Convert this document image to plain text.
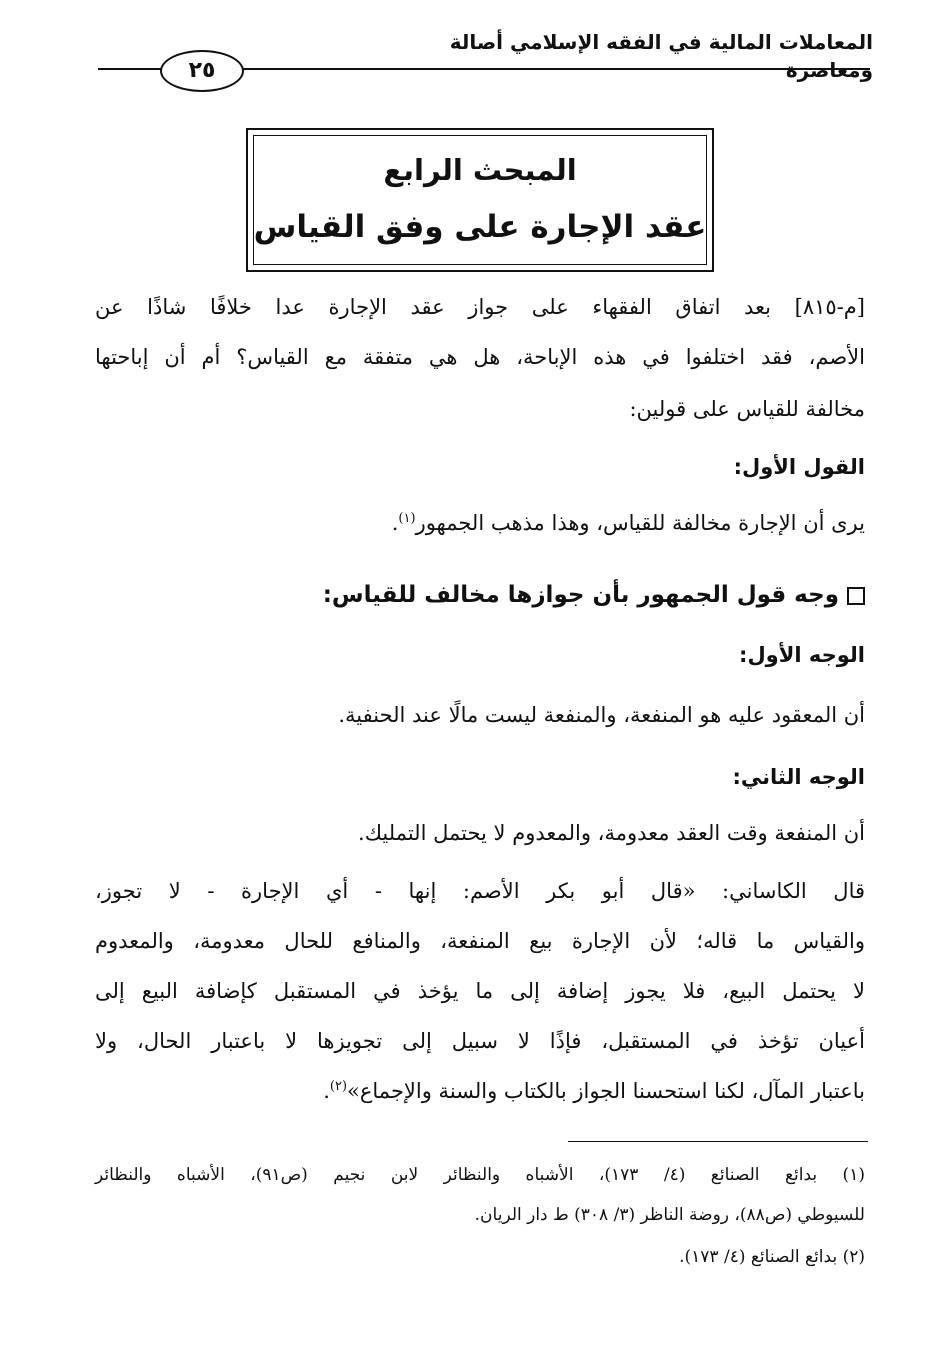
المعاملات المالية في الفقه الإسلامي أصالة ومعاصرة
٢٥
المبحث الرابع
عقد الإجارة على وفق القياس
[م-٨١٥] بعد اتفاق الفقهاء على جواز عقد الإجارة عدا خلافًا شاذًا عن
الأصم، فقد اختلفوا في هذه الإباحة، هل هي متفقة مع القياس؟ أم أن إباحتها
مخالفة للقياس على قولين:
القول الأول:
يرى أن الإجارة مخالفة للقياس، وهذا مذهب الجمهور$^{(١)}$.
وجه قول الجمهور بأن جوازها مخالف للقياس:
الوجه الأول:
أن المعقود عليه هو المنفعة، والمنفعة ليست مالًا عند الحنفية.
الوجه الثاني:
أن المنفعة وقت العقد معدومة، والمعدوم لا يحتمل التمليك.
قال الكاساني: «قال أبو بكر الأصم: إنها - أي الإجارة - لا تجوز،
والقياس ما قاله؛ لأن الإجارة بيع المنفعة، والمنافع للحال معدومة، والمعدوم
لا يحتمل البيع، فلا يجوز إضافة إلى ما يؤخذ في المستقبل كإضافة البيع إلى
أعيان تؤخذ في المستقبل، فإذًا لا سبيل إلى تجويزها لا باعتبار الحال، ولا
باعتبار المآل، لكنا استحسنا الجواز بالكتاب والسنة والإجماع»$^{(٢)}$.
(١) بدائع الصنائع (٤/ ١٧٣)، الأشباه والنظائر لابن نجيم (ص٩١)، الأشباه والنظائر
للسيوطي (ص٨٨)، روضة الناظر (٣/ ٣٠٨) ط دار الريان.
(٢) بدائع الصنائع (٤/ ١٧٣).
